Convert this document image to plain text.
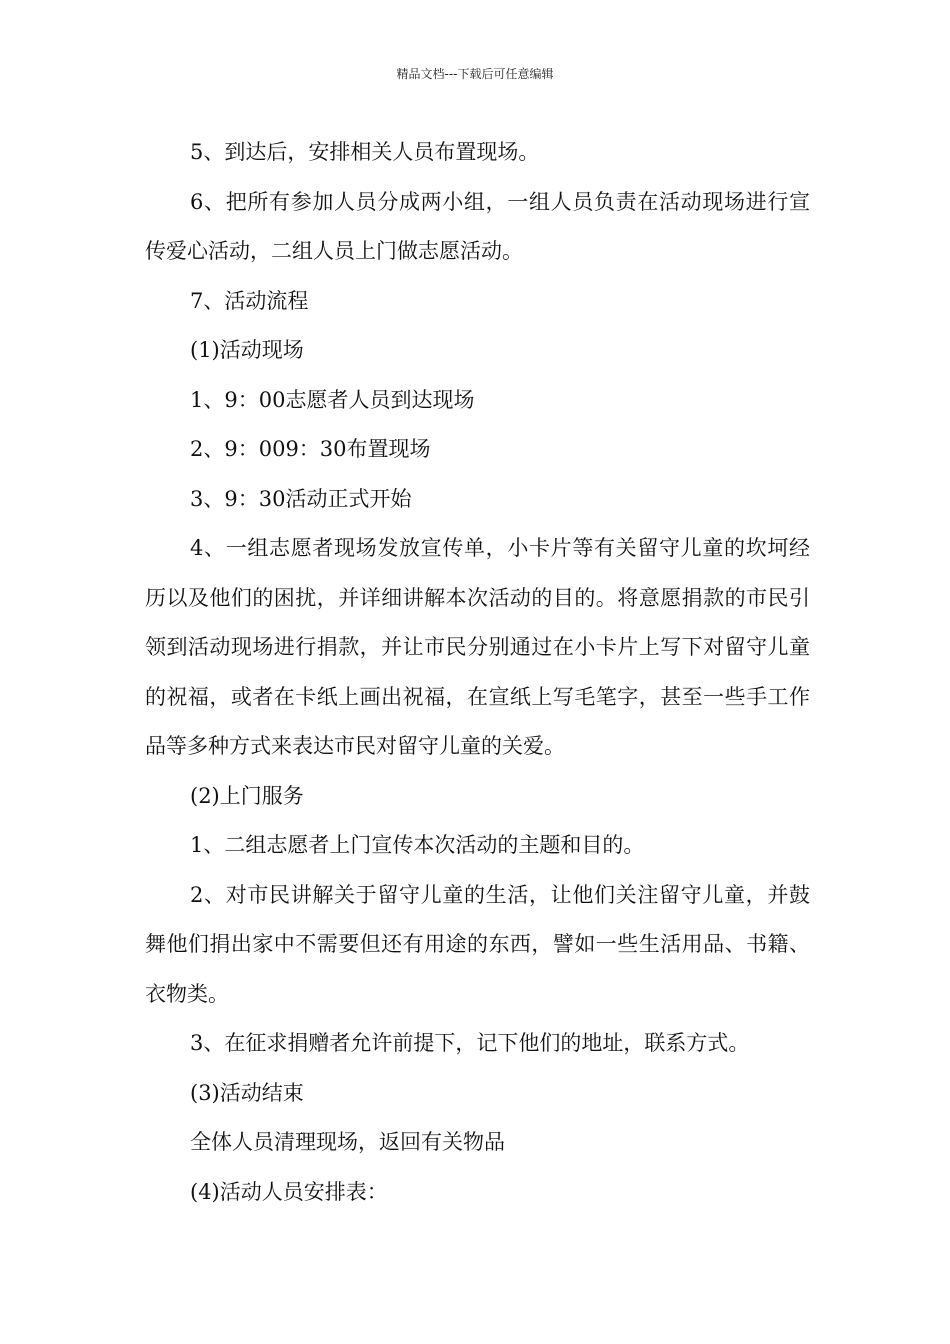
精品文档---下载后可任意编辑

5、到达后，安排相关人员布置现场。

6、把所有参加人员分成两小组，一组人员负责在活动现场进行宣传爱心活动，二组人员上门做志愿活动。

7、活动流程

(1)活动现场

1、9：00志愿者人员到达现场

2、9：009：30布置现场

3、9：30活动正式开始

4、一组志愿者现场发放宣传单，小卡片等有关留守儿童的坎坷经历以及他们的困扰，并详细讲解本次活动的目的。将意愿捐款的市民引领到活动现场进行捐款，并让市民分别通过在小卡片上写下对留守儿童的祝福，或者在卡纸上画出祝福，在宣纸上写毛笔字，甚至一些手工作品等多种方式来表达市民对留守儿童的关爱。

(2)上门服务

1、二组志愿者上门宣传本次活动的主题和目的。

2、对市民讲解关于留守儿童的生活，让他们关注留守儿童，并鼓舞他们捐出家中不需要但还有用途的东西，譬如一些生活用品、书籍、衣物类。

3、在征求捐赠者允许前提下，记下他们的地址，联系方式。

(3)活动结束

全体人员清理现场，返回有关物品

(4)活动人员安排表：
